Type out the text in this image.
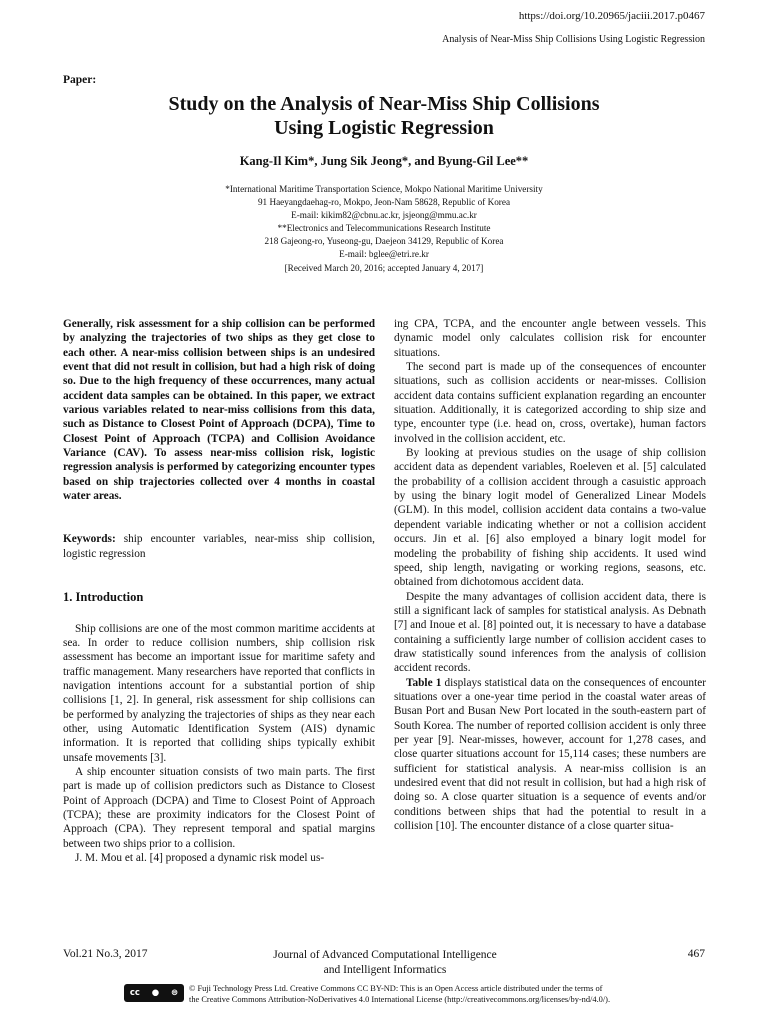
https://doi.org/10.20965/jaciii.2017.p0467
Analysis of Near-Miss Ship Collisions Using Logistic Regression
Paper:
Study on the Analysis of Near-Miss Ship Collisions
Using Logistic Regression
Kang-Il Kim*, Jung Sik Jeong*, and Byung-Gil Lee**
*International Maritime Transportation Science, Mokpo National Maritime University
91 Haeyangdaehag-ro, Mokpo, Jeon-Nam 58628, Republic of Korea
E-mail: kikim82@cbnu.ac.kr, jsjeong@mmu.ac.kr
**Electronics and Telecommunications Research Institute
218 Gajeong-ro, Yuseong-gu, Daejeon 34129, Republic of Korea
E-mail: bglee@etri.re.kr
[Received March 20, 2016; accepted January 4, 2017]

Generally, risk assessment for a ship collision can be performed by analyzing the trajectories of two ships as they get close to each other. A near-miss collision between ships is an undesired event that did not result in collision, but had a high risk of doing so. Due to the high frequency of these occurrences, many actual accident data samples can be obtained. In this paper, we extract various variables related to near-miss collisions from this data, such as Distance to Closest Point of Approach (DCPA), Time to Closest Point of Approach (TCPA) and Collision Avoidance Variance (CAV). To assess near-miss collision risk, logistic regression analysis is performed by categorizing encounter types based on ship trajectories collected over 4 months in coastal water areas.

Keywords: ship encounter variables, near-miss ship collision, logistic regression

1. Introduction

Ship collisions are one of the most common maritime accidents at sea. In order to reduce collision numbers, ship collision risk assessment has become an important issue for maritime safety and traffic management. Many researchers have reported that conflicts in navigation intentions account for a substantial portion of ship collisions [1, 2]. In general, risk assessment for ship collisions can be performed by analyzing the trajectories of ships as they near each other, using Automatic Identification System (AIS) dynamic information. It is reported that colliding ships typically exhibit unsafe movements [3].

A ship encounter situation consists of two main parts. The first part is made up of collision predictors such as Distance to Closest Point of Approach (DCPA) and Time to Closest Point of Approach (TCPA); these are proximity indicators for the Closest Point of Approach (CPA). They represent temporal and spatial margins between two ships prior to a collision.

J. M. Mou et al. [4] proposed a dynamic risk model us-

ing CPA, TCPA, and the encounter angle between vessels. This dynamic model only calculates collision risk for encounter situations.

The second part is made up of the consequences of encounter situations, such as collision accidents or near-misses. Collision accident data contains sufficient explanation regarding an encounter situation. Additionally, it is categorized according to ship size and type, encounter type (i.e. head on, cross, overtake), human factors involved in the collision accident, etc.

By looking at previous studies on the usage of ship collision accident data as dependent variables, Roeleven et al. [5] calculated the probability of a collision accident through a casuistic approach by using the binary logit model of Generalized Linear Models (GLM). In this model, collision accident data contains a two-value dependent variable indicating whether or not a collision accident occurs. Jin et al. [6] also employed a binary logit model for modeling the probability of fishing ship accidents. It used wind speed, ship length, navigating or working regions, seasons, etc. obtained from dichotomous accident data.

Despite the many advantages of collision accident data, there is still a significant lack of samples for statistical analysis. As Debnath [7] and Inoue et al. [8] pointed out, it is necessary to have a database containing a sufficiently large number of collision accident cases to draw statistically sound inferences from the analysis of collision accident records.

Table 1 displays statistical data on the consequences of encounter situations over a one-year time period in the coastal water areas of Busan Port and Busan New Port located in the south-eastern part of South Korea. The number of reported collision accident is only three per year [9]. Near-misses, however, account for 1,278 cases, and close quarter situations account for 15,114 cases; these numbers are sufficient for statistical analysis. A near-miss collision is an undesired event that did not result in collision, but had a high risk of doing so. A close quarter situation is a sequence of events and/or conditions between ships that had the potential to result in a collision [10]. The encounter distance of a close quarter situa-

Vol.21 No.3, 2017	Journal of Advanced Computational Intelligence
and Intelligent Informatics
467
cc ● ⊜ © Fuji Technology Press Ltd. Creative Commons CC BY-ND: This is an Open Access article distributed under the terms of
the Creative Commons Attribution-NoDerivatives 4.0 International License (http://creativecommons.org/licenses/by-nd/4.0/).
